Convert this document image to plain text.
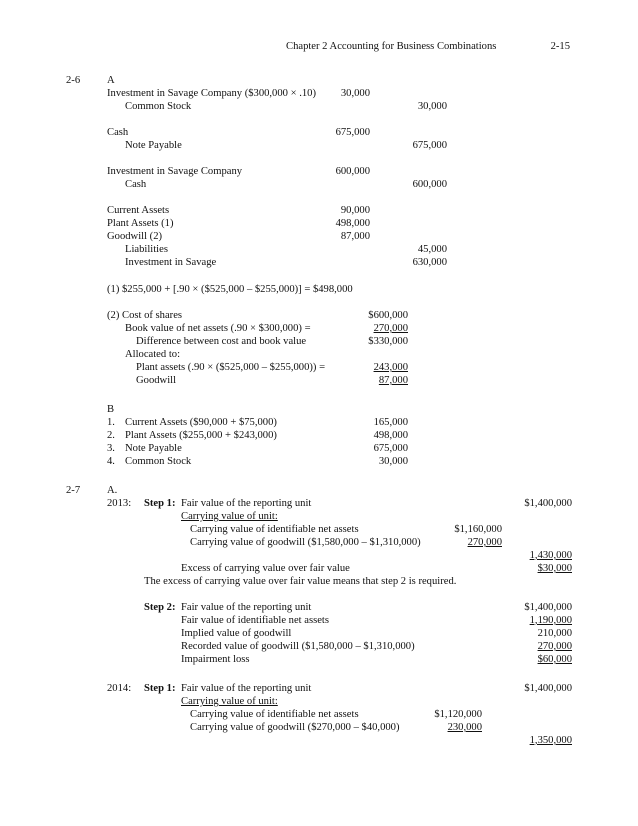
Chapter 2 Accounting for Business Combinations	2-15
2-6	A
Investment in Savage Company ($300,000 × .10) 30,000
Common Stock	30,000
Cash	675,000
Note Payable	675,000
Investment in Savage Company	600,000
Cash	600,000
Current Assets	90,000
Plant Assets (1)	498,000
Goodwill (2)	87,000
Liabilities	45,000
Investment in Savage	630,000
(1) $255,000 + [.90 × ($525,000 – $255,000)] = $498,000
(2) Cost of shares	$600,000
Book value of net assets (.90 × $300,000) =	270,000
Difference between cost and book value	$330,000
Allocated to:
Plant assets (.90 × ($525,000 – $255,000)) =	243,000
Goodwill	87,000
B
1. Current Assets ($90,000 + $75,000)	165,000
2. Plant Assets ($255,000 + $243,000)	498,000
3. Note Payable	675,000
4. Common Stock	30,000
2-7	A.
2013: Step 1: Fair value of the reporting unit	$1,400,000
Carrying value of unit:
Carrying value of identifiable net assets	$1,160,000
Carrying value of goodwill ($1,580,000 – $1,310,000)	270,000
1,430,000
Excess of carrying value over fair value	$30,000
The excess of carrying value over fair value means that step 2 is required.
Step 2: Fair value of the reporting unit	$1,400,000
Fair value of identifiable net assets	1,190,000
Implied value of goodwill	210,000
Recorded value of goodwill ($1,580,000 – $1,310,000)	270,000
Impairment loss	$60,000
2014: Step 1: Fair value of the reporting unit	$1,400,000
Carrying value of unit:
Carrying value of identifiable net assets	$1,120,000
Carrying value of goodwill ($270,000 – $40,000)	230,000
1,350,000
